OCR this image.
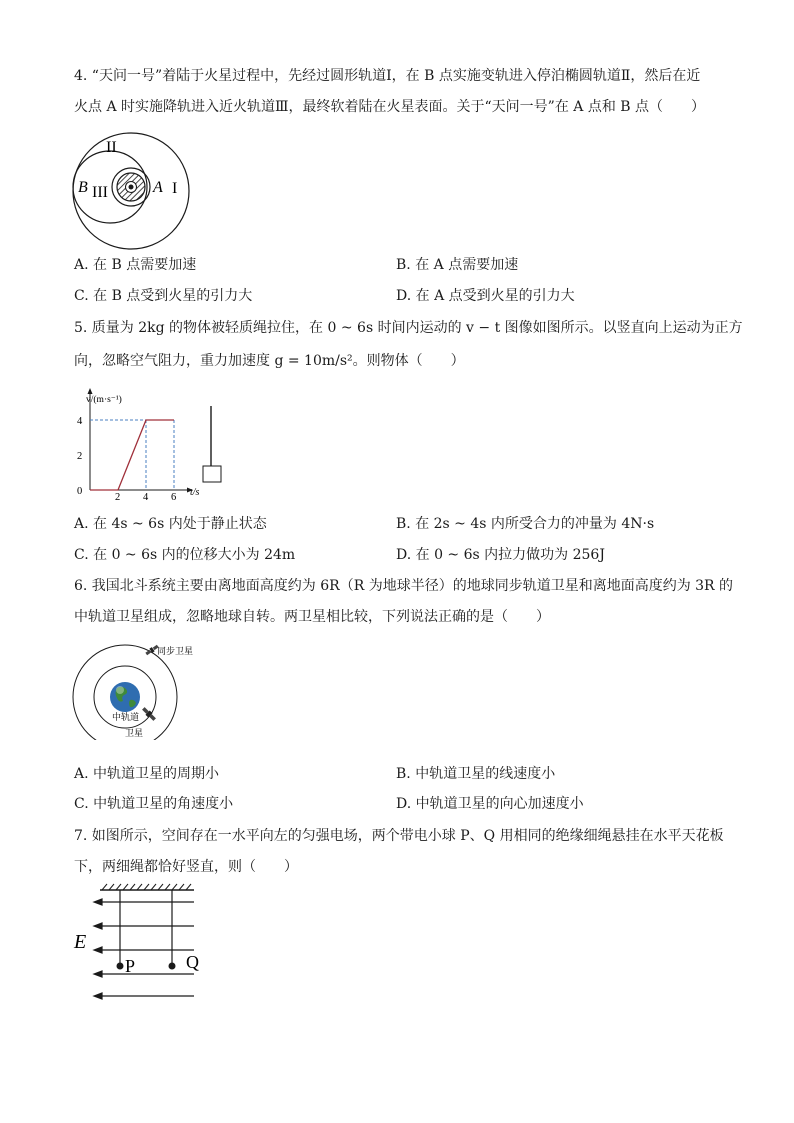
4. “天问一号”着陆于火星过程中，先经过圆形轨道Ⅰ，在 B 点实施变轨进入停泊椭圆轨道Ⅱ，然后在近
火点 A 时实施降轨进入近火轨道Ⅲ，最终软着陆在火星表面。关于“天问一号”在 A 点和 B 点（　　）
II
B III	A I
A. 在 B 点需要加速	B. 在 A 点需要加速
C. 在 B 点受到火星的引力大	D. 在 A 点受到火星的引力大
5. 质量为 2kg 的物体被轻质绳拉住，在 0 ~ 6s 时间内运动的 v − t 图像如图所示。以竖直向上运动为正方
向，忽略空气阻力，重力加速度 g = 10m/s²。则物体（　　）
v/(m·s⁻¹)
t/s
0
2
4
2 4 6
A. 在 4s ~ 6s 内处于静止状态	B. 在 2s ~ 4s 内所受合力的冲量为 4N·s
C. 在 0 ~ 6s 内的位移大小为 24m	D. 在 0 ~ 6s 内拉力做功为 256J
6. 我国北斗系统主要由离地面高度约为 6R（R 为地球半径）的地球同步轨道卫星和离地面高度约为 3R 的
中轨道卫星组成，忽略地球自转。两卫星相比较，下列说法正确的是（　　）
同步卫星
中轨道
卫星
A. 中轨道卫星的周期小	B. 中轨道卫星的线速度小
C. 中轨道卫星的角速度小	D. 中轨道卫星的向心加速度小
7. 如图所示，空间存在一水平向左的匀强电场，两个带电小球 P、Q 用相同的绝缘细绳悬挂在水平天花板
下，两细绳都恰好竖直，则（　　）
E
P	Q
